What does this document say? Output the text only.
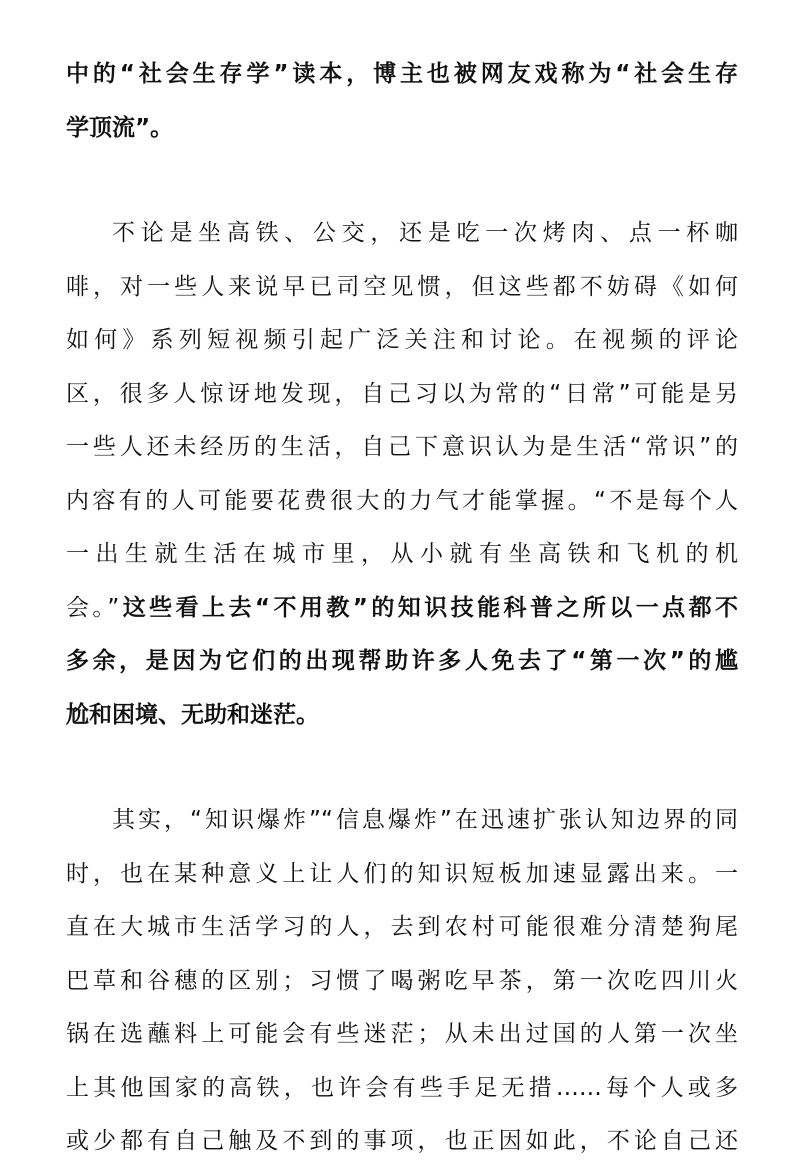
中的“社会生存学”读本，博主也被网友戏称为“社会生存
学顶流”。
不论是坐高铁、公交，还是吃一次烤肉、点一杯咖
啡，对一些人来说早已司空见惯，但这些都不妨碍《如何
如何》系列短视频引起广泛关注和讨论。在视频的评论
区，很多人惊讶地发现，自己习以为常的“日常”可能是另
一些人还未经历的生活，自己下意识认为是生活“常识”的
内容有的人可能要花费很大的力气才能掌握。“不是每个人
一出生就生活在城市里，从小就有坐高铁和飞机的机
会。”这些看上去“不用教”的知识技能科普之所以一点都不
多余，是因为它们的出现帮助许多人免去了“第一次”的尴
尬和困境、无助和迷茫。
其实，“知识爆炸”“信息爆炸”在迅速扩张认知边界的同
时，也在某种意义上让人们的知识短板加速显露出来。一
直在大城市生活学习的人，去到农村可能很难分清楚狗尾
巴草和谷穗的区别；习惯了喝粥吃早茶，第一次吃四川火
锅在选蘸料上可能会有些迷茫；从未出过国的人第一次坐
上其他国家的高铁，也许会有些手足无措……每个人或多
或少都有自己触及不到的事项，也正因如此，不论自己还
